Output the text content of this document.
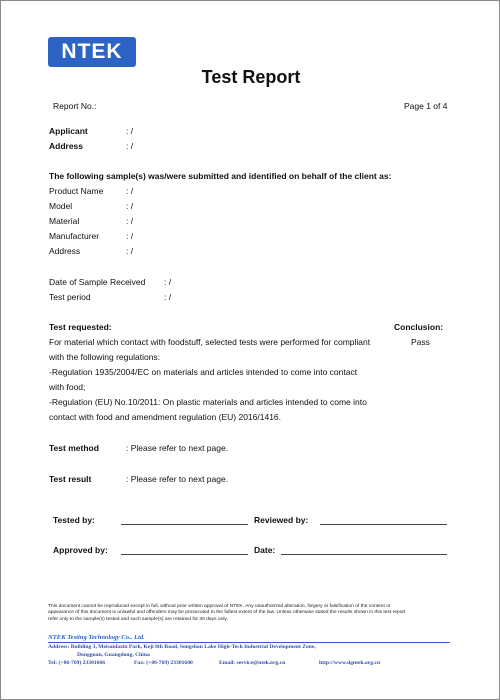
NTEK
Test Report
Report No.:	Page 1 of 4
Applicant	: /
Address	: /
The following sample(s) was/were submitted and identified on behalf of the client as:
Product Name	: /
Model	: /
Material	: /
Manufacturer	: /
Address	: /
Date of Sample Received : /
Test period	: /
Test requested:	Conclusion:
Pass
For material which contact with foodstuff, selected tests were performed for compliant
with the following regulations:
-Regulation 1935/2004/EC on materials and articles intended to come into contact
with food;
-Regulation (EU) No.10/2011: On plastic materials and articles intended to come into
contact with food and amendment regulation (EU) 2016/1416.
Test method	: Please refer to next page.
Test result	: Please refer to next page.
Tested by:	Reviewed by:
Approved by:	Date:
This document cannot be reproduced except in full, without prior written approval of NTEK. Any unauthorized alteration, forgery or falsification of the content or
appearance of this document is unlawful and offenders may be prosecuted to the fullest extent of the law. Unless otherwise stated the results shown in this test report
refer only to the sample(s) tested and such sample(s) are retained for 30 days only.
NTEK Testing Technology Co., Ltd.
Address: Building 3, Meisaidaxin Park, Keji 8th Road, Songshan Lake High-Tech Industrial Development Zone,
Dongguan, Guangdong, China
Tel: (+86-769) 23301666	Fax: (+86-769) 23301600	Email: service@ntek.org.cn	http://www.dgntek.org.cn
